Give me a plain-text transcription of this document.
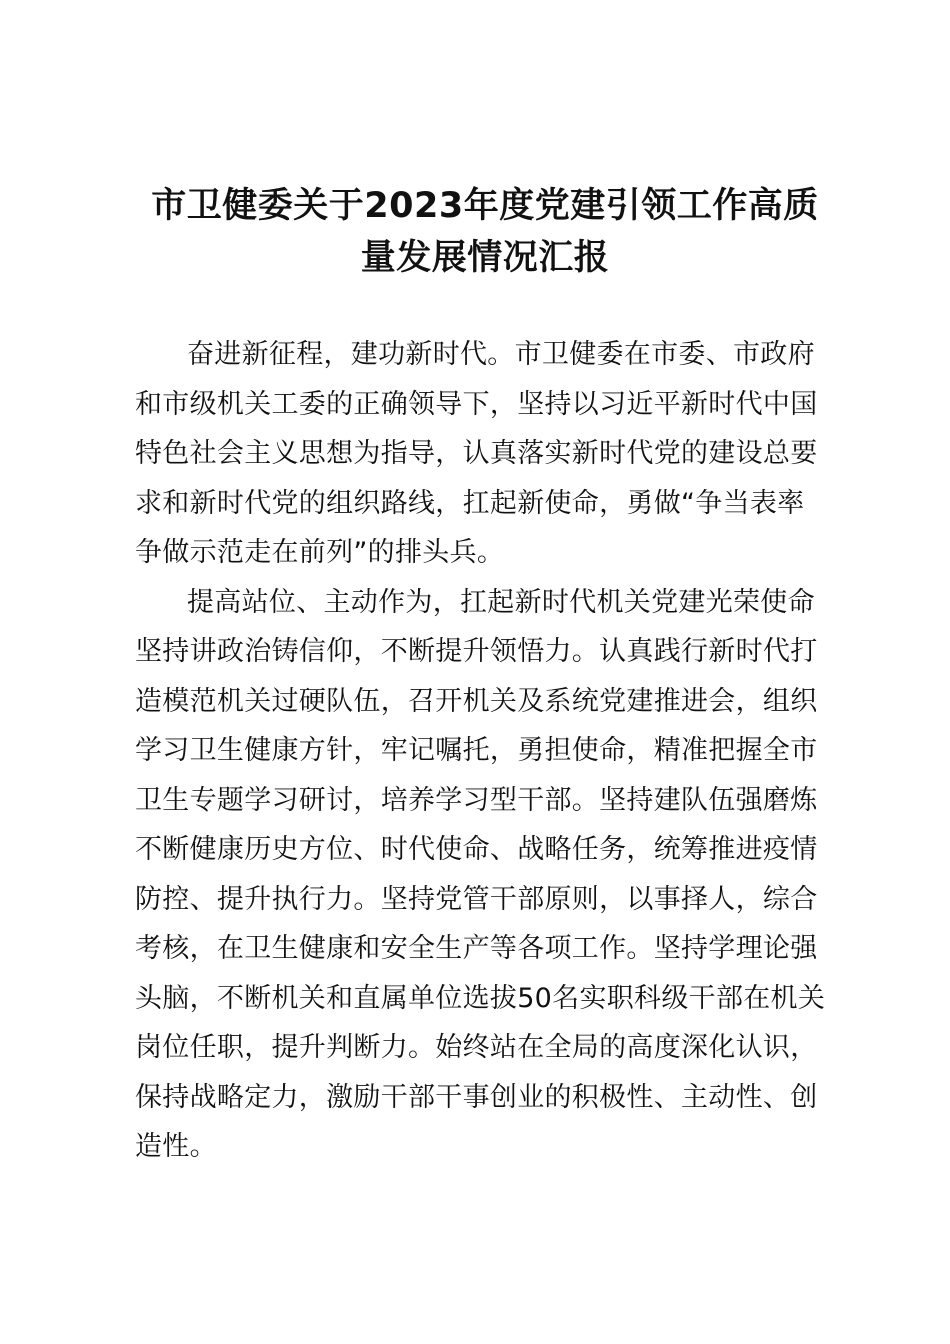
市卫健委关于2023年度党建引领工作高质
量发展情况汇报

奋进新征程，建功新时代。市卫健委在市委、市政府
和市级机关工委的正确领导下，坚持以习近平新时代中国
特色社会主义思想为指导，认真落实新时代党的建设总要
求和新时代党的组织路线，扛起新使命，勇做“争当表率
争做示范走在前列”的排头兵。

提高站位、主动作为，扛起新时代机关党建光荣使命
坚持讲政治铸信仰，不断提升领悟力。认真践行新时代打
造模范机关过硬队伍，召开机关及系统党建推进会，组织
学习卫生健康方针，牢记嘱托，勇担使命，精准把握全市
卫生专题学习研讨，培养学习型干部。坚持建队伍强磨炼
不断健康历史方位、时代使命、战略任务，统筹推进疫情
防控、提升执行力。坚持党管干部原则，以事择人，综合
考核，在卫生健康和安全生产等各项工作。坚持学理论强
头脑，不断机关和直属单位选拔50名实职科级干部在机关
岗位任职，提升判断力。始终站在全局的高度深化认识，
保持战略定力，激励干部干事创业的积极性、主动性、创
造性。
